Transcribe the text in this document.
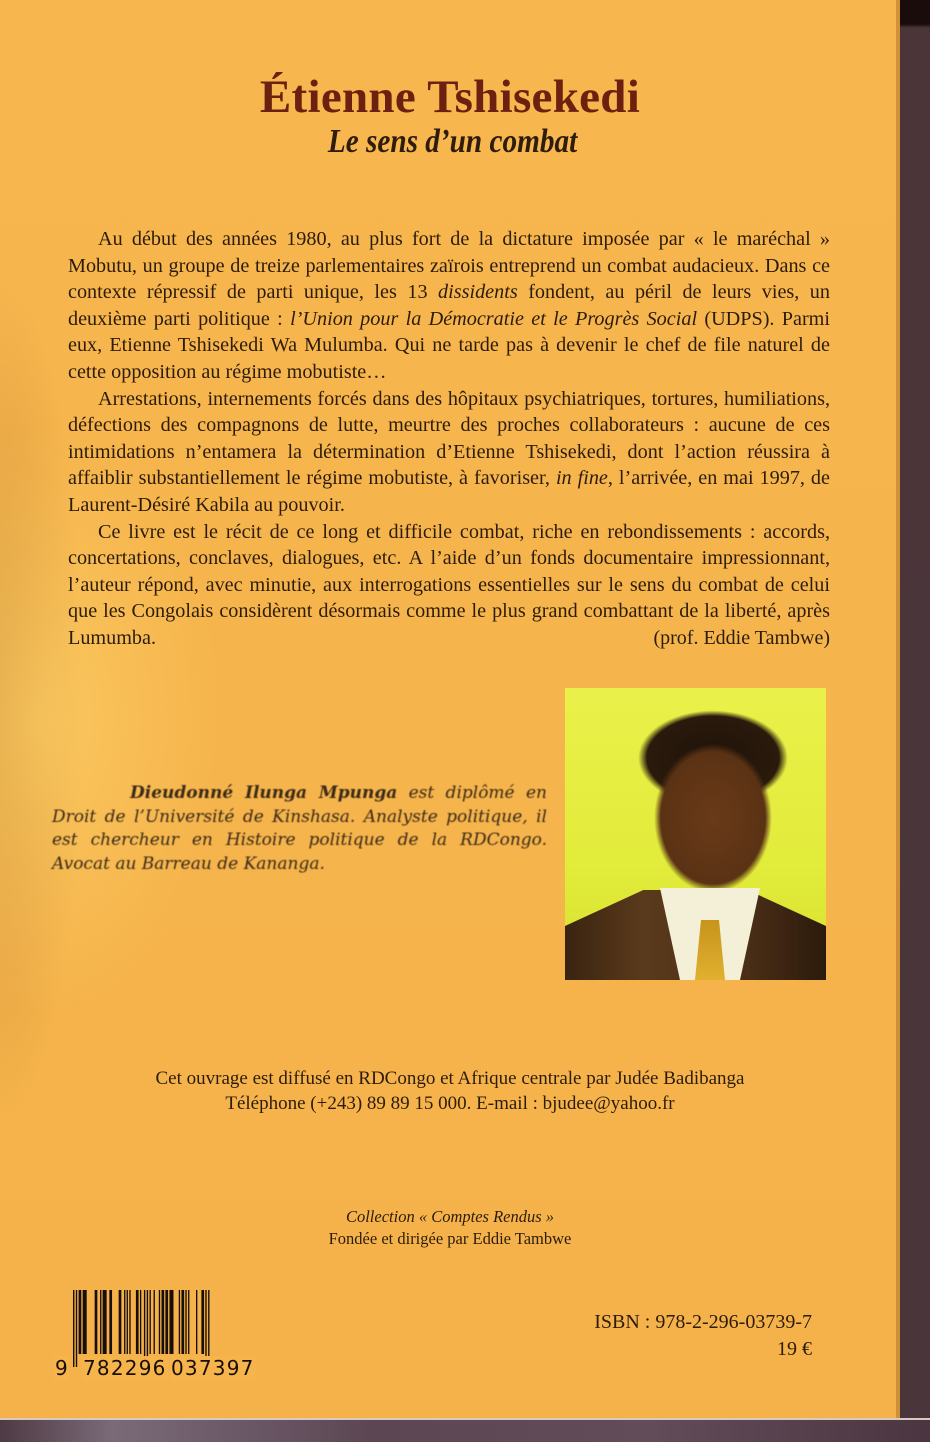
Étienne Tshisekedi
Le sens d’un combat

Au début des années 1980, au plus fort de la dictature imposée par « le maréchal » Mobutu, un groupe de treize parlementaires zaïrois entreprend un combat audacieux. Dans ce contexte répressif de parti unique, les 13 dissidents fondent, au péril de leurs vies, un deuxième parti politique : l’Union pour la Démocratie et le Progrès Social (UDPS). Parmi eux, Etienne Tshisekedi Wa Mulumba. Qui ne tarde pas à devenir le chef de file naturel de cette opposition au régime mobutiste…

Arrestations, internements forcés dans des hôpitaux psychiatriques, tortures, humiliations, défections des compagnons de lutte, meurtre des proches collaborateurs : aucune de ces intimidations n’entamera la détermination d’Etienne Tshisekedi, dont l’action réussira à affaiblir substantiellement le régime mobutiste, à favoriser, in fine, l’arrivée, en mai 1997, de Laurent-Désiré Kabila au pouvoir.

Ce livre est le récit de ce long et difficile combat, riche en rebondissements : accords, concertations, conclaves, dialogues, etc. A l’aide d’un fonds documentaire impressionnant, l’auteur répond, avec minutie, aux interrogations essentielles sur le sens du combat de celui que les Congolais considèrent désormais comme le plus grand combattant de la liberté, après Lumumba.	(prof. Eddie Tambwe)
Dieudonné Ilunga Mpunga est diplômé en Droit de l’Université de Kinshasa. Analyste politique, il est chercheur en Histoire politique de la RDCongo. Avocat au Barreau de Kananga.
Cet ouvrage est diffusé en RDCongo et Afrique centrale par Judée Badibanga
Téléphone (+243) 89 89 15 000. E-mail : bjudee@yahoo.fr
Collection « Comptes Rendus »
Fondée et dirigée par Eddie Tambwe
9 782296 037397
ISBN : 978-2-296-03739-7
19 €
